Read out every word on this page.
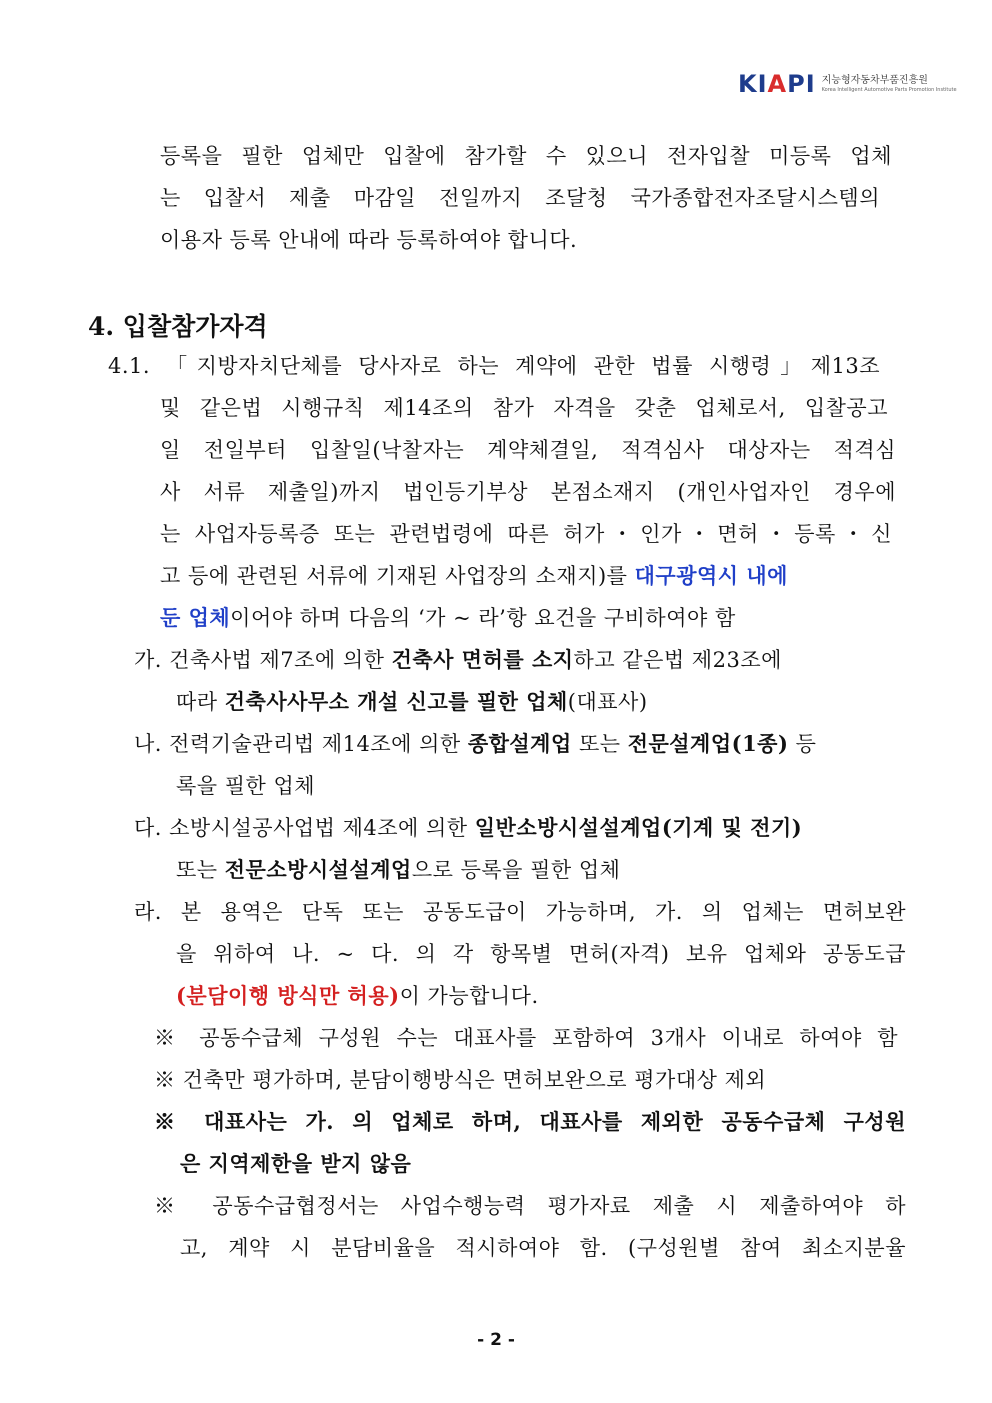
KIAPI 지능형자동차부품진흥원
Korea Intelligent Automotive Parts Promotion Institute
등록을 필한 업체만 입찰에 참가할 수 있으니 전자입찰 미등록 업체
는 입찰서 제출 마감일 전일까지 조달청 국가종합전자조달시스템의
이용자 등록 안내에 따라 등록하여야 합니다.
4. 입찰참가자격
4.1. 「지방자치단체를 당사자로 하는 계약에 관한 법률 시행령」제13조
및 같은법 시행규칙 제14조의 참가 자격을 갖춘 업체로서, 입찰공고
일 전일부터 입찰일(낙찰자는 계약체결일, 적격심사 대상자는 적격심
사 서류 제출일)까지 법인등기부상 본점소재지 (개인사업자인 경우에
는 사업자등록증 또는 관련법령에 따른 허가・인가・면허・등록・신
고 등에 관련된 서류에 기재된 사업장의 소재지)를 대구광역시 내에
둔 업체이어야 하며 다음의 ‘가 ~ 라’항 요건을 구비하여야 함
가. 건축사법 제7조에 의한 건축사 면허를 소지하고 같은법 제23조에
따라 건축사사무소 개설 신고를 필한 업체(대표사)
나. 전력기술관리법 제14조에 의한 종합설계업 또는 전문설계업(1종) 등
록을 필한 업체
다. 소방시설공사업법 제4조에 의한 일반소방시설설계업(기계 및 전기)
또는 전문소방시설설계업으로 등록을 필한 업체
라. 본 용역은 단독 또는 공동도급이 가능하며, 가. 의 업체는 면허보완
을 위하여 나. ~ 다. 의 각 항목별 면허(자격) 보유 업체와 공동도급
(분담이행 방식만 허용)이 가능합니다.
※ 공동수급체 구성원 수는 대표사를 포함하여 3개사 이내로 하여야 함
※ 건축만 평가하며, 분담이행방식은 면허보완으로 평가대상 제외
※ 대표사는 가. 의 업체로 하며, 대표사를 제외한 공동수급체 구성원
은 지역제한을 받지 않음
※ 공동수급협정서는 사업수행능력 평가자료 제출 시 제출하여야 하
고, 계약 시 분담비율을 적시하여야 함. (구성원별 참여 최소지분율
- 2 -
